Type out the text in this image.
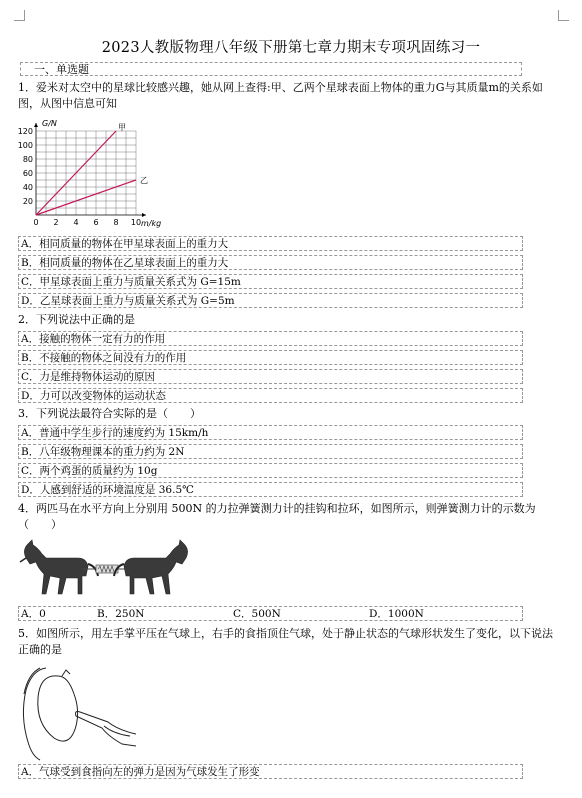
2023人教版物理八年级下册第七章力期末专项巩固练习一
一、单选题
1．爱米对太空中的星球比较感兴趣，她从网上查得:甲、乙两个星球表面上物体的重力G与其质量m的关系如图，从图中信息可知
0 2 4 6 8 10
20
40
60
80
100
120	甲
乙
G/N
m/kg
A．相同质量的物体在甲星球表面上的重力大
B．相同质量的物体在乙星球表面上的重力大
C．甲星球表面上重力与质量关系式为 G=15m
D．乙星球表面上重力与质量关系式为 G=5m
2．下列说法中正确的是
A．接触的物体一定有力的作用
B．不接触的物体之间没有力的作用
C．力是维持物体运动的原因
D．力可以改变物体的运动状态
3．下列说法最符合实际的是（　　）
A．普通中学生步行的速度约为 15km/h
B．八年级物理课本的重力约为 2N
C．两个鸡蛋的质量约为 10g
D．人感到舒适的环境温度是 36.5℃
4．两匹马在水平方向上分别用 500N 的力拉弹簧测力计的挂钩和拉环，如图所示，则弹簧测力计的示数为（　　）
A．0	B．250N	C．500N	D．1000N
5．如图所示，用左手掌平压在气球上，右手的食指顶住气球，处于静止状态的气球形状发生了变化，以下说法正确的是
A．气球受到食指向左的弹力是因为气球发生了形变
